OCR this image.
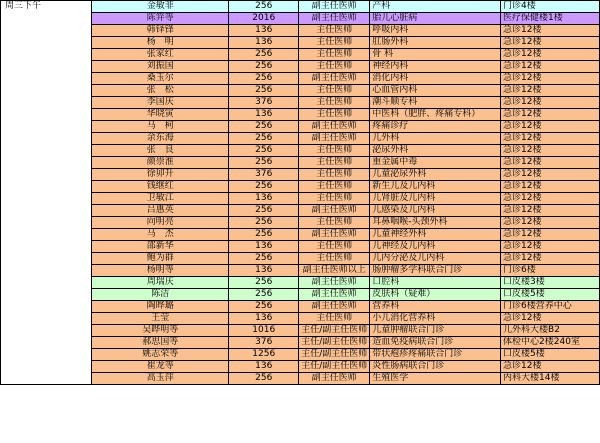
周三下午	金敏菲	256	副主任医师	产科	门诊4楼
	陈笄等	2016	副主任医师	胎儿心脏病	医疗保健楼1楼
	韩铎锋	136	主任医师	呼吸内科	急诊12楼
	杨　明	136	主任医师	肛肠外科	急诊12楼
	张家红	256	主任医师	骨 科	急诊12楼
	刘振国	256	主任医师	神经内科	急诊12楼
	桑玉尔	256	副主任医师	消化内科	急诊12楼
	张　松	256	主任医师	心血管内科	急诊12楼
	李国庆	376	主任医师	潮斗顺专科	急诊12楼
	华晓寅	136	主任医师	中医科（肥胖、疼痛专科）	急诊12楼
	马　柯	256	副主任医师	疼痛诊疗	急诊12楼
	余东海	256	副主任医师	儿外科	急诊12楼
	张　良	256	主任医师	泌尿外科	急诊12楼
	颜崇淮	256	主任医师	重金属中毒	急诊12楼
	徐卯升	376	主任医师	儿童泌尿外科	急诊12楼
	钱继红	256	主任医师	新生儿及儿内科	急诊12楼
	卫敏江	136	主任医师	儿肾脏及儿内科	急诊12楼
	吕惠英	256	副主任医师	儿感染及儿内科	急诊12楼
	向明亮	256	主任医师	耳鼻咽喉-头颈外科	急诊12楼
	马　杰	256	副主任医师	儿童神经外科	急诊12楼
	邵新华	136	主任医师	儿神经及儿内科	急诊12楼
	鲍为群	256	主任医师	儿内分泌及儿内科	急诊12楼
	杨明等	136	副主任医师以上	肠肿瘤多学科联合门诊	门诊6楼
	周瑞庆	256	副主任医师	口腔科	口皮楼3楼
	陈洁	256	副主任医师	皮肤科（疑难）	口皮楼5楼
	陶晔璐	256	副主任医师	营养科	门诊6楼营养中心
	王莹	136	主任医师	小儿消化营养科	急诊12楼
	吴晔明等	1016	主任/副主任医师	儿童肿瘤联合门诊	儿外科大楼B2
	郝思国等	376	主任/副主任医师	造血免疫病联合门诊	体检中心2楼240室
	姚志荣等	1256	主任/副主任医师	带状疱疹疼痛联合门诊	口皮楼5楼
	崔龙等	136	主任/副主任医师	炎性肠病联合门诊	急诊12楼
	高玉萍	256	副主任医师	生殖医学	内科大楼14楼
